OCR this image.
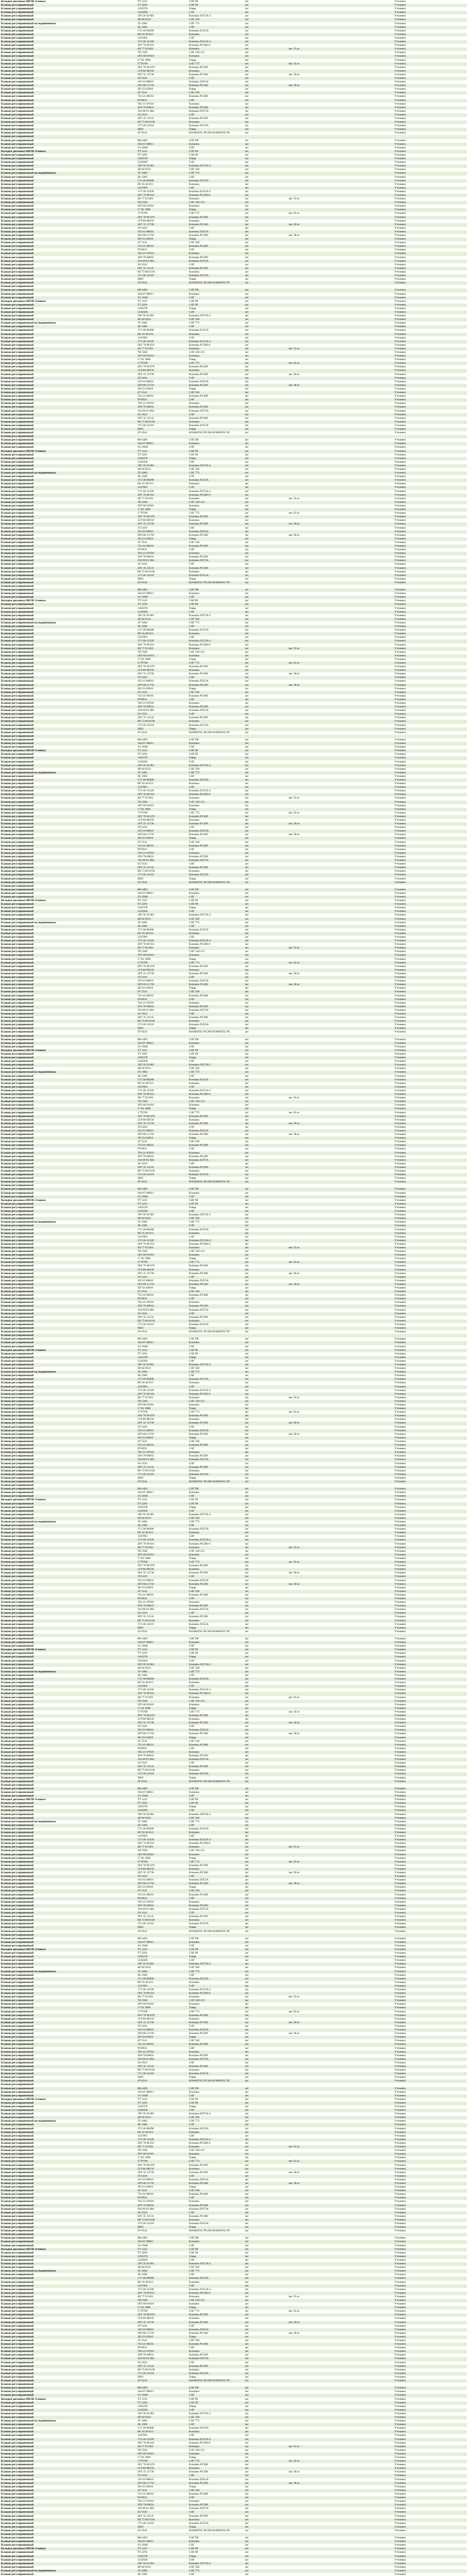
Колодки дисковых ВНЛЕ-4 новых	TT 1221	CAT 89	шт			Уточнять
Клапан регулировочный	TT 2291	CAT 89	шт			Уточнять
Клапан регулировочный	1183378	Товар	шт			Уточнять
Клапан регулировочный	1245826	CAT	шт			Уточнять
Клапан регулировочный	19F 50 50 001	Komatsu D375A-5	шт			Уточнять
Клапан регулировочный	4D 84 9521	CAT 320	шт			Уточнять
Клапан регулировочный на подшипниках	3Т-1002	CAT 773	шт			Уточнять
Клапан регулировочный	3E-3382	CAT	шт			Уточнять
Клапан регулировочный	175-30-00490	Komatsu D155A	шт			Уточнять
Клапан регулировочный	6D 18 40 013	Komatsu	шт			Уточнять
Клапан регулировочный	1247891	CAT	шт			Уточнять
Клапан регулировочный	175-30-12320	Komatsu D155A-2	шт			Уточнять
Клапан регулировочный	20Y 70 00 011	Komatsu PC200-6	шт			Уточнять
Клапан регулировочный	4D 77 03 001	Komatsu	шт	вес 35 кг		Уточнять
Клапан регулировочный	7Н 5582	CAT 120-121	шт			Уточнять
Клапан регулировочный	20Т-60 81010	Komatsu	шт			Уточнять
Клапан регулировочный	17 82 1800	Товар	шт			Уточнять
Клапан регулировочный	1779769	CAT 773	шт	вес 45 кг		Уточнять
Клапан регулировочный	20Y 70 00 070	Komatsu PC200	шт			Уточнять
Клапан регулировочный	21T-60-08150	Komatsu	шт			Уточнять
Клапан регулировочный	20Y 35 12730	Komatsu PC300	шт	вес 28 кг		Уточнять
Клапан регулировочный	3T-5410	CAT	шт			Уточнять
Клапан регулировочный	195 63 00810	Komatsu D355A	шт			Уточнять
Клапан регулировочный	20Y-60-11710	Komatsu PC200	шт	вес 38 кг		Уточнять
Клапан регулировочный	3D-55-03010	Товар	шт			Уточнять
Клапан регулировочный	4Т 5541	CAT 330	шт			Уточнять
Клапан регулировочный	723-41-08101	Komatsu PC400	шт			Уточнять
Клапан регулировочный	9T-0931	CAT	шт			Уточнять
Клапан регулировочный	702-21-07010	Komatsu	шт			Уточнять
Клапан регулировочный	20Y-70-00011	Komatsu PC200	шт			Уточнять
Клапан регулировочный	194 09 01 004	Komatsu D375A	шт			Уточнять
Клапан регулировочный	3G 0321	CAT	шт			Уточнять
Клапан регулировочный	20Y 35 12141	Komatsu PC300	шт			Уточнять
Клапан регулировочный	6D 73 00 0130	Komatsu	шт			Уточнять
Клапан регулировочный	175-30-12210	Komatsu D155A	шт			Уточнять
Клапан регулировочный	ХВЛ	Товар	шт			Уточнять
Клапан регулировочный	4Т-6541	KOMATSU PC200 KOMATSU PC	шт			Уточнять
Клапан регулировочный						
Клапан регулировочный	8Н-4491	CAT D8	шт			Уточнять
Клапан регулировочный	104-07-00011	Komatsu	шт			Уточнять
Клапан регулировочный	1U-2948	CAT	шт			Уточнять
Колодки дисковых ВНЛЕ-4 новых	TT 1221	CAT 89	шт			Уточнять
Клапан регулировочный	TT 2291	CAT 89	шт			Уточнять
Клапан регулировочный	1183378	Товар	шт			Уточнять
Клапан регулировочный	1245826	CAT	шт			Уточнять
Клапан регулировочный	19F 50 50 001	Komatsu D375A-5	шт			Уточнять
Клапан регулировочный	4D 84 9521	CAT 320	шт			Уточнять
Клапан регулировочный на подшипниках	3Т-1002	CAT 773	шт			Уточнять
Клапан регулировочный	3E-3382	CAT	шт			Уточнять
Клапан регулировочный	175-30-00490	Komatsu D155A	шт			Уточнять
Клапан регулировочный	6D 18 40 013	Komatsu	шт			Уточнять
Клапан регулировочный	1247891	CAT	шт			Уточнять
Клапан регулировочный	175-30-12320	Komatsu D155A-2	шт			Уточнять
Клапан регулировочный	20Y 70 00 011	Komatsu PC200-6	шт			Уточнять
Клапан регулировочный	4D 77 03 001	Komatsu	шт	вес 35 кг		Уточнять
Клапан регулировочный	7Н 5582	CAT 120-121	шт			Уточнять
Клапан регулировочный	20Т-60 81010	Komatsu	шт			Уточнять
Клапан регулировочный	17 82 1800	Товар	шт			Уточнять
Клапан регулировочный	1779769	CAT 773	шт	вес 45 кг		Уточнять
Клапан регулировочный	20Y 70 00 070	Komatsu PC200	шт			Уточнять
Клапан регулировочный	21T-60-08150	Komatsu	шт			Уточнять
Клапан регулировочный	20Y 35 12730	Komatsu PC300	шт	вес 28 кг		Уточнять
Клапан регулировочный	3T-5410	CAT	шт			Уточнять
Клапан регулировочный	195 63 00810	Komatsu D355A	шт			Уточнять
Клапан регулировочный	20Y-60-11710	Komatsu PC200	шт	вес 38 кг		Уточнять
Клапан регулировочный	3D-55-03010	Товар	шт			Уточнять
Клапан регулировочный	4Т 5541	CAT 330	шт			Уточнять
Клапан регулировочный	723-41-08101	Komatsu PC400	шт			Уточнять
Клапан регулировочный	9T-0931	CAT	шт			Уточнять
Клапан регулировочный	702-21-07010	Komatsu	шт			Уточнять
Клапан регулировочный	20Y-70-00011	Komatsu PC200	шт			Уточнять
Клапан регулировочный	194 09 01 004	Komatsu D375A	шт			Уточнять
Клапан регулировочный	3G 0321	CAT	шт			Уточнять
Клапан регулировочный	20Y 35 12141	Komatsu PC300	шт			Уточнять
Клапан регулировочный	6D 73 00 0130	Komatsu	шт			Уточнять
Клапан регулировочный	175-30-12210	Komatsu D155A	шт			Уточнять
Клапан регулировочный	ХВЛ	Товар	шт			Уточнять
Клапан регулировочный	4Т-6541	KOMATSU PC200 KOMATSU PC	шт			Уточнять
Клапан регулировочный						
Клапан регулировочный	8Н-4491	CAT D8	шт			Уточнять
Клапан регулировочный	104-07-00011	Komatsu	шт			Уточнять
Клапан регулировочный	1U-2948	CAT	шт			Уточнять
Колодки дисковых ВНЛЕ-4 новых	TT 1221	CAT 89	шт			Уточнять
Клапан регулировочный	TT 2291	CAT 89	шт			Уточнять
Клапан регулировочный	1183378	Товар	шт			Уточнять
Клапан регулировочный	1245826	CAT	шт			Уточнять
Клапан регулировочный	19F 50 50 001	Komatsu D375A-5	шт			Уточнять
Клапан регулировочный	4D 84 9521	CAT 320	шт			Уточнять
Клапан регулировочный на подшипниках	3Т-1002	CAT 773	шт			Уточнять
Клапан регулировочный	3E-3382	CAT	шт			Уточнять
Клапан регулировочный	175-30-00490	Komatsu D155A	шт			Уточнять
Клапан регулировочный	6D 18 40 013	Komatsu	шт			Уточнять
Клапан регулировочный	1247891	CAT	шт			Уточнять
Клапан регулировочный	175-30-12320	Komatsu D155A-2	шт			Уточнять
Клапан регулировочный	20Y 70 00 011	Komatsu PC200-6	шт			Уточнять
Клапан регулировочный	4D 77 03 001	Komatsu	шт	вес 35 кг		Уточнять
Клапан регулировочный	7Н 5582	CAT 120-121	шт			Уточнять
Клапан регулировочный	20Т-60 81010	Komatsu	шт			Уточнять
Клапан регулировочный	17 82 1800	Товар	шт			Уточнять
Клапан регулировочный	1779769	CAT 773	шт	вес 45 кг		Уточнять
Клапан регулировочный	20Y 70 00 070	Komatsu PC200	шт			Уточнять
Клапан регулировочный	21T-60-08150	Komatsu	шт			Уточнять
Клапан регулировочный	20Y 35 12730	Komatsu PC300	шт	вес 28 кг		Уточнять
Клапан регулировочный	3T-5410	CAT	шт			Уточнять
Клапан регулировочный	195 63 00810	Komatsu D355A	шт			Уточнять
Клапан регулировочный	20Y-60-11710	Komatsu PC200	шт	вес 38 кг		Уточнять
Клапан регулировочный	3D-55-03010	Товар	шт			Уточнять
Клапан регулировочный	4Т 5541	CAT 330	шт			Уточнять
Клапан регулировочный	723-41-08101	Komatsu PC400	шт			Уточнять
Клапан регулировочный	9T-0931	CAT	шт			Уточнять
Клапан регулировочный	702-21-07010	Komatsu	шт			Уточнять
Клапан регулировочный	20Y-70-00011	Komatsu PC200	шт			Уточнять
Клапан регулировочный	194 09 01 004	Komatsu D375A	шт			Уточнять
Клапан регулировочный	3G 0321	CAT	шт			Уточнять
Клапан регулировочный	20Y 35 12141	Komatsu PC300	шт			Уточнять
Клапан регулировочный	6D 73 00 0130	Komatsu	шт			Уточнять
Клапан регулировочный	175-30-12210	Komatsu D155A	шт			Уточнять
Клапан регулировочный	ХВЛ	Товар	шт			Уточнять
Клапан регулировочный	4Т-6541	KOMATSU PC200 KOMATSU PC	шт			Уточнять
Клапан регулировочный						
Клапан регулировочный	8Н-4491	CAT D8	шт			Уточнять
Клапан регулировочный	104-07-00011	Komatsu	шт			Уточнять
Клапан регулировочный	1U-2948	CAT	шт			Уточнять
Колодки дисковых ВНЛЕ-4 новых	TT 1221	CAT 89	шт			Уточнять
Клапан регулировочный	TT 2291	CAT 89	шт			Уточнять
Клапан регулировочный	1183378	Товар	шт			Уточнять
Клапан регулировочный	1245826	CAT	шт			Уточнять
Клапан регулировочный	19F 50 50 001	Komatsu D375A-5	шт			Уточнять
Клапан регулировочный	4D 84 9521	CAT 320	шт			Уточнять
Клапан регулировочный на подшипниках	3Т-1002	CAT 773	шт			Уточнять
Клапан регулировочный	3E-3382	CAT	шт			Уточнять
Клапан регулировочный	175-30-00490	Komatsu D155A	шт			Уточнять
Клапан регулировочный	6D 18 40 013	Komatsu	шт			Уточнять
Клапан регулировочный	1247891	CAT	шт			Уточнять
Клапан регулировочный	175-30-12320	Komatsu D155A-2	шт			Уточнять
Клапан регулировочный	20Y 70 00 011	Komatsu PC200-6	шт			Уточнять
Клапан регулировочный	4D 77 03 001	Komatsu	шт	вес 35 кг		Уточнять
Клапан регулировочный	7Н 5582	CAT 120-121	шт			Уточнять
Клапан регулировочный	20Т-60 81010	Komatsu	шт			Уточнять
Клапан регулировочный	17 82 1800	Товар	шт			Уточнять
Клапан регулировочный	1779769	CAT 773	шт	вес 45 кг		Уточнять
Клапан регулировочный	20Y 70 00 070	Komatsu PC200	шт			Уточнять
Клапан регулировочный	21T-60-08150	Komatsu	шт			Уточнять
Клапан регулировочный	20Y 35 12730	Komatsu PC300	шт	вес 28 кг		Уточнять
Клапан регулировочный	3T-5410	CAT	шт			Уточнять
Клапан регулировочный	195 63 00810	Komatsu D355A	шт			Уточнять
Клапан регулировочный	20Y-60-11710	Komatsu PC200	шт	вес 38 кг		Уточнять
Клапан регулировочный	3D-55-03010	Товар	шт			Уточнять
Клапан регулировочный	4Т 5541	CAT 330	шт			Уточнять
Клапан регулировочный	723-41-08101	Komatsu PC400	шт			Уточнять
Клапан регулировочный	9T-0931	CAT	шт			Уточнять
Клапан регулировочный	702-21-07010	Komatsu	шт			Уточнять
Клапан регулировочный	20Y-70-00011	Komatsu PC200	шт			Уточнять
Клапан регулировочный	194 09 01 004	Komatsu D375A	шт			Уточнять
Клапан регулировочный	3G 0321	CAT	шт			Уточнять
Клапан регулировочный	20Y 35 12141	Komatsu PC300	шт			Уточнять
Клапан регулировочный	6D 73 00 0130	Komatsu	шт			Уточнять
Клапан регулировочный	175-30-12210	Komatsu D155A	шт			Уточнять
Клапан регулировочный	ХВЛ	Товар	шт			Уточнять
Клапан регулировочный	4Т-6541	KOMATSU PC200 KOMATSU PC	шт			Уточнять
Клапан регулировочный						
Клапан регулировочный	8Н-4491	CAT D8	шт			Уточнять
Клапан регулировочный	104-07-00011	Komatsu	шт			Уточнять
Клапан регулировочный	1U-2948	CAT	шт			Уточнять
Колодки дисковых ВНЛЕ-4 новых	TT 1221	CAT 89	шт			Уточнять
Клапан регулировочный	TT 2291	CAT 89	шт			Уточнять
Клапан регулировочный	1183378	Товар	шт			Уточнять
Клапан регулировочный	1245826	CAT	шт			Уточнять
Клапан регулировочный	19F 50 50 001	Komatsu D375A-5	шт			Уточнять
Клапан регулировочный	4D 84 9521	CAT 320	шт			Уточнять
Клапан регулировочный на подшипниках	3Т-1002	CAT 773	шт			Уточнять
Клапан регулировочный	3E-3382	CAT	шт			Уточнять
Клапан регулировочный	175-30-00490	Komatsu D155A	шт			Уточнять
Клапан регулировочный	6D 18 40 013	Komatsu	шт			Уточнять
Клапан регулировочный	1247891	CAT	шт			Уточнять
Клапан регулировочный	175-30-12320	Komatsu D155A-2	шт			Уточнять
Клапан регулировочный	20Y 70 00 011	Komatsu PC200-6	шт			Уточнять
Клапан регулировочный	4D 77 03 001	Komatsu	шт	вес 35 кг		Уточнять
Клапан регулировочный	7Н 5582	CAT 120-121	шт			Уточнять
Клапан регулировочный	20Т-60 81010	Komatsu	шт			Уточнять
Клапан регулировочный	17 82 1800	Товар	шт			Уточнять
Клапан регулировочный	1779769	CAT 773	шт	вес 45 кг		Уточнять
Клапан регулировочный	20Y 70 00 070	Komatsu PC200	шт			Уточнять
Клапан регулировочный	21T-60-08150	Komatsu	шт			Уточнять
Клапан регулировочный	20Y 35 12730	Komatsu PC300	шт	вес 28 кг		Уточнять
Клапан регулировочный	3T-5410	CAT	шт			Уточнять
Клапан регулировочный	195 63 00810	Komatsu D355A	шт			Уточнять
Клапан регулировочный	20Y-60-11710	Komatsu PC200	шт	вес 38 кг		Уточнять
Клапан регулировочный	3D-55-03010	Товар	шт			Уточнять
Клапан регулировочный	4Т 5541	CAT 330	шт			Уточнять
Клапан регулировочный	723-41-08101	Komatsu PC400	шт			Уточнять
Клапан регулировочный	9T-0931	CAT	шт			Уточнять
Клапан регулировочный	702-21-07010	Komatsu	шт			Уточнять
Клапан регулировочный	20Y-70-00011	Komatsu PC200	шт			Уточнять
Клапан регулировочный	194 09 01 004	Komatsu D375A	шт			Уточнять
Клапан регулировочный	3G 0321	CAT	шт			Уточнять
Клапан регулировочный	20Y 35 12141	Komatsu PC300	шт			Уточнять
Клапан регулировочный	6D 73 00 0130	Komatsu	шт			Уточнять
Клапан регулировочный	175-30-12210	Komatsu D155A	шт			Уточнять
Клапан регулировочный	ХВЛ	Товар	шт			Уточнять
Клапан регулировочный	4Т-6541	KOMATSU PC200 KOMATSU PC	шт			Уточнять
Клапан регулировочный						
Клапан регулировочный	8Н-4491	CAT D8	шт			Уточнять
Клапан регулировочный	104-07-00011	Komatsu	шт			Уточнять
Клапан регулировочный	1U-2948	CAT	шт			Уточнять
Колодки дисковых ВНЛЕ-4 новых	TT 1221	CAT 89	шт			Уточнять
Клапан регулировочный	TT 2291	CAT 89	шт			Уточнять
Клапан регулировочный	1183378	Товар	шт			Уточнять
Клапан регулировочный	1245826	CAT	шт			Уточнять
Клапан регулировочный	19F 50 50 001	Komatsu D375A-5	шт			Уточнять
Клапан регулировочный	4D 84 9521	CAT 320	шт			Уточнять
Клапан регулировочный на подшипниках	3Т-1002	CAT 773	шт			Уточнять
Клапан регулировочный	3E-3382	CAT	шт			Уточнять
Клапан регулировочный	175-30-00490	Komatsu D155A	шт			Уточнять
Клапан регулировочный	6D 18 40 013	Komatsu	шт			Уточнять
Клапан регулировочный	1247891	CAT	шт			Уточнять
Клапан регулировочный	175-30-12320	Komatsu D155A-2	шт			Уточнять
Клапан регулировочный	20Y 70 00 011	Komatsu PC200-6	шт			Уточнять
Клапан регулировочный	4D 77 03 001	Komatsu	шт	вес 35 кг		Уточнять
Клапан регулировочный	7Н 5582	CAT 120-121	шт			Уточнять
Клапан регулировочный	20Т-60 81010	Komatsu	шт			Уточнять
Клапан регулировочный	17 82 1800	Товар	шт			Уточнять
Клапан регулировочный	1779769	CAT 773	шт	вес 45 кг		Уточнять
Клапан регулировочный	20Y 70 00 070	Komatsu PC200	шт			Уточнять
Клапан регулировочный	21T-60-08150	Komatsu	шт			Уточнять
Клапан регулировочный	20Y 35 12730	Komatsu PC300	шт	вес 28 кг		Уточнять
Клапан регулировочный	3T-5410	CAT	шт			Уточнять
Клапан регулировочный	195 63 00810	Komatsu D355A	шт			Уточнять
Клапан регулировочный	20Y-60-11710	Komatsu PC200	шт	вес 38 кг		Уточнять
Клапан регулировочный	3D-55-03010	Товар	шт			Уточнять
Клапан регулировочный	4Т 5541	CAT 330	шт			Уточнять
Клапан регулировочный	723-41-08101	Komatsu PC400	шт			Уточнять
Клапан регулировочный	9T-0931	CAT	шт			Уточнять
Клапан регулировочный	702-21-07010	Komatsu	шт			Уточнять
Клапан регулировочный	20Y-70-00011	Komatsu PC200	шт			Уточнять
Клапан регулировочный	194 09 01 004	Komatsu D375A	шт			Уточнять
Клапан регулировочный	3G 0321	CAT	шт			Уточнять
Клапан регулировочный	20Y 35 12141	Komatsu PC300	шт			Уточнять
Клапан регулировочный	6D 73 00 0130	Komatsu	шт			Уточнять
Клапан регулировочный	175-30-12210	Komatsu D155A	шт			Уточнять
Клапан регулировочный	ХВЛ	Товар	шт			Уточнять
Клапан регулировочный	4Т-6541	KOMATSU PC200 KOMATSU PC	шт			Уточнять
Клапан регулировочный						
Клапан регулировочный	8Н-4491	CAT D8	шт			Уточнять
Клапан регулировочный	104-07-00011	Komatsu	шт			Уточнять
Клапан регулировочный	1U-2948	CAT	шт			Уточнять
Колодки дисковых ВНЛЕ-4 новых	TT 1221	CAT 89	шт			Уточнять
Клапан регулировочный	TT 2291	CAT 89	шт			Уточнять
Клапан регулировочный	1183378	Товар	шт			Уточнять
Клапан регулировочный	1245826	CAT	шт			Уточнять
Клапан регулировочный	19F 50 50 001	Komatsu D375A-5	шт			Уточнять
Клапан регулировочный	4D 84 9521	CAT 320	шт			Уточнять
Клапан регулировочный на подшипниках	3Т-1002	CAT 773	шт			Уточнять
Клапан регулировочный	3E-3382	CAT	шт			Уточнять
Клапан регулировочный	175-30-00490	Komatsu D155A	шт			Уточнять
Клапан регулировочный	6D 18 40 013	Komatsu	шт			Уточнять
Клапан регулировочный	1247891	CAT	шт			Уточнять
Клапан регулировочный	175-30-12320	Komatsu D155A-2	шт			Уточнять
Клапан регулировочный	20Y 70 00 011	Komatsu PC200-6	шт			Уточнять
Клапан регулировочный	4D 77 03 001	Komatsu	шт	вес 35 кг		Уточнять
Клапан регулировочный	7Н 5582	CAT 120-121	шт			Уточнять
Клапан регулировочный	20Т-60 81010	Komatsu	шт			Уточнять
Клапан регулировочный	17 82 1800	Товар	шт			Уточнять
Клапан регулировочный	1779769	CAT 773	шт	вес 45 кг		Уточнять
Клапан регулировочный	20Y 70 00 070	Komatsu PC200	шт			Уточнять
Клапан регулировочный	21T-60-08150	Komatsu	шт			Уточнять
Клапан регулировочный	20Y 35 12730	Komatsu PC300	шт	вес 28 кг		Уточнять
Клапан регулировочный	3T-5410	CAT	шт			Уточнять
Клапан регулировочный	195 63 00810	Komatsu D355A	шт			Уточнять
Клапан регулировочный	20Y-60-11710	Komatsu PC200	шт	вес 38 кг		Уточнять
Клапан регулировочный	3D-55-03010	Товар	шт			Уточнять
Клапан регулировочный	4Т 5541	CAT 330	шт			Уточнять
Клапан регулировочный	723-41-08101	Komatsu PC400	шт			Уточнять
Клапан регулировочный	9T-0931	CAT	шт			Уточнять
Клапан регулировочный	702-21-07010	Komatsu	шт			Уточнять
Клапан регулировочный	20Y-70-00011	Komatsu PC200	шт			Уточнять
Клапан регулировочный	194 09 01 004	Komatsu D375A	шт			Уточнять
Клапан регулировочный	3G 0321	CAT	шт			Уточнять
Клапан регулировочный	20Y 35 12141	Komatsu PC300	шт			Уточнять
Клапан регулировочный	6D 73 00 0130	Komatsu	шт			Уточнять
Клапан регулировочный	175-30-12210	Komatsu D155A	шт			Уточнять
Клапан регулировочный	ХВЛ	Товар	шт			Уточнять
Клапан регулировочный	4Т-6541	KOMATSU PC200 KOMATSU PC	шт			Уточнять
Клапан регулировочный						
Клапан регулировочный	8Н-4491	CAT D8	шт			Уточнять
Клапан регулировочный	104-07-00011	Komatsu	шт			Уточнять
Клапан регулировочный	1U-2948	CAT	шт			Уточнять
Колодки дисковых ВНЛЕ-4 новых	TT 1221	CAT 89	шт			Уточнять
Клапан регулировочный	TT 2291	CAT 89	шт			Уточнять
Клапан регулировочный	1183378	Товар	шт			Уточнять
Клапан регулировочный	1245826	CAT	шт			Уточнять
Клапан регулировочный	19F 50 50 001	Komatsu D375A-5	шт			Уточнять
Клапан регулировочный	4D 84 9521	CAT 320	шт			Уточнять
Клапан регулировочный на подшипниках	3Т-1002	CAT 773	шт			Уточнять
Клапан регулировочный	3E-3382	CAT	шт			Уточнять
Клапан регулировочный	175-30-00490	Komatsu D155A	шт			Уточнять
Клапан регулировочный	6D 18 40 013	Komatsu	шт			Уточнять
Клапан регулировочный	1247891	CAT	шт			Уточнять
Клапан регулировочный	175-30-12320	Komatsu D155A-2	шт			Уточнять
Клапан регулировочный	20Y 70 00 011	Komatsu PC200-6	шт			Уточнять
Клапан регулировочный	4D 77 03 001	Komatsu	шт	вес 35 кг		Уточнять
Клапан регулировочный	7Н 5582	CAT 120-121	шт			Уточнять
Клапан регулировочный	20Т-60 81010	Komatsu	шт			Уточнять
Клапан регулировочный	17 82 1800	Товар	шт			Уточнять
Клапан регулировочный	1779769	CAT 773	шт	вес 45 кг		Уточнять
Клапан регулировочный	20Y 70 00 070	Komatsu PC200	шт			Уточнять
Клапан регулировочный	21T-60-08150	Komatsu	шт			Уточнять
Клапан регулировочный	20Y 35 12730	Komatsu PC300	шт	вес 28 кг		Уточнять
Клапан регулировочный	3T-5410	CAT	шт			Уточнять
Клапан регулировочный	195 63 00810	Komatsu D355A	шт			Уточнять
Клапан регулировочный	20Y-60-11710	Komatsu PC200	шт	вес 38 кг		Уточнять
Клапан регулировочный	3D-55-03010	Товар	шт			Уточнять
Клапан регулировочный	4Т 5541	CAT 330	шт			Уточнять
Клапан регулировочный	723-41-08101	Komatsu PC400	шт			Уточнять
Клапан регулировочный	9T-0931	CAT	шт			Уточнять
Клапан регулировочный	702-21-07010	Komatsu	шт			Уточнять
Клапан регулировочный	20Y-70-00011	Komatsu PC200	шт			Уточнять
Клапан регулировочный	194 09 01 004	Komatsu D375A	шт			Уточнять
Клапан регулировочный	3G 0321	CAT	шт			Уточнять
Клапан регулировочный	20Y 35 12141	Komatsu PC300	шт			Уточнять
Клапан регулировочный	6D 73 00 0130	Komatsu	шт			Уточнять
Клапан регулировочный	175-30-12210	Komatsu D155A	шт			Уточнять
Клапан регулировочный	ХВЛ	Товар	шт			Уточнять
Клапан регулировочный	4Т-6541	KOMATSU PC200 KOMATSU PC	шт			Уточнять
Клапан регулировочный						
Клапан регулировочный	8Н-4491	CAT D8	шт			Уточнять
Клапан регулировочный	104-07-00011	Komatsu	шт			Уточнять
Клапан регулировочный	1U-2948	CAT	шт			Уточнять
Колодки дисковых ВНЛЕ-4 новых	TT 1221	CAT 89	шт			Уточнять
Клапан регулировочный	TT 2291	CAT 89	шт			Уточнять
Клапан регулировочный	1183378	Товар	шт			Уточнять
Клапан регулировочный	1245826	CAT	шт			Уточнять
Клапан регулировочный	19F 50 50 001	Komatsu D375A-5	шт			Уточнять
Клапан регулировочный	4D 84 9521	CAT 320	шт			Уточнять
Клапан регулировочный на подшипниках	3Т-1002	CAT 773	шт			Уточнять
Клапан регулировочный	3E-3382	CAT	шт			Уточнять
Клапан регулировочный	175-30-00490	Komatsu D155A	шт			Уточнять
Клапан регулировочный	6D 18 40 013	Komatsu	шт			Уточнять
Клапан регулировочный	1247891	CAT	шт			Уточнять
Клапан регулировочный	175-30-12320	Komatsu D155A-2	шт			Уточнять
Клапан регулировочный	20Y 70 00 011	Komatsu PC200-6	шт			Уточнять
Клапан регулировочный	4D 77 03 001	Komatsu	шт	вес 35 кг		Уточнять
Клапан регулировочный	7Н 5582	CAT 120-121	шт			Уточнять
Клапан регулировочный	20Т-60 81010	Komatsu	шт			Уточнять
Клапан регулировочный	17 82 1800	Товар	шт			Уточнять
Клапан регулировочный	1779769	CAT 773	шт	вес 45 кг		Уточнять
Клапан регулировочный	20Y 70 00 070	Komatsu PC200	шт			Уточнять
Клапан регулировочный	21T-60-08150	Komatsu	шт			Уточнять
Клапан регулировочный	20Y 35 12730	Komatsu PC300	шт	вес 28 кг		Уточнять
Клапан регулировочный	3T-5410	CAT	шт			Уточнять
Клапан регулировочный	195 63 00810	Komatsu D355A	шт			Уточнять
Клапан регулировочный	20Y-60-11710	Komatsu PC200	шт	вес 38 кг		Уточнять
Клапан регулировочный	3D-55-03010	Товар	шт			Уточнять
Клапан регулировочный	4Т 5541	CAT 330	шт			Уточнять
Клапан регулировочный	723-41-08101	Komatsu PC400	шт			Уточнять
Клапан регулировочный	9T-0931	CAT	шт			Уточнять
Клапан регулировочный	702-21-07010	Komatsu	шт			Уточнять
Клапан регулировочный	20Y-70-00011	Komatsu PC200	шт			Уточнять
Клапан регулировочный	194 09 01 004	Komatsu D375A	шт			Уточнять
Клапан регулировочный	3G 0321	CAT	шт			Уточнять
Клапан регулировочный	20Y 35 12141	Komatsu PC300	шт			Уточнять
Клапан регулировочный	6D 73 00 0130	Komatsu	шт			Уточнять
Клапан регулировочный	175-30-12210	Komatsu D155A	шт			Уточнять
Клапан регулировочный	ХВЛ	Товар	шт			Уточнять
Клапан регулировочный	4Т-6541	KOMATSU PC200 KOMATSU PC	шт			Уточнять
Клапан регулировочный						
Клапан регулировочный	8Н-4491	CAT D8	шт			Уточнять
Клапан регулировочный	104-07-00011	Komatsu	шт			Уточнять
Клапан регулировочный	1U-2948	CAT	шт			Уточнять
Колодки дисковых ВНЛЕ-4 новых	TT 1221	CAT 89	шт			Уточнять
Клапан регулировочный	TT 2291	CAT 89	шт			Уточнять
Клапан регулировочный	1183378	Товар	шт			Уточнять
Клапан регулировочный	1245826	CAT	шт			Уточнять
Клапан регулировочный	19F 50 50 001	Komatsu D375A-5	шт			Уточнять
Клапан регулировочный	4D 84 9521	CAT 320	шт			Уточнять
Клапан регулировочный на подшипниках	3Т-1002	CAT 773	шт			Уточнять
Клапан регулировочный	3E-3382	CAT	шт			Уточнять
Клапан регулировочный	175-30-00490	Komatsu D155A	шт			Уточнять
Клапан регулировочный	6D 18 40 013	Komatsu	шт			Уточнять
Клапан регулировочный	1247891	CAT	шт			Уточнять
Клапан регулировочный	175-30-12320	Komatsu D155A-2	шт			Уточнять
Клапан регулировочный	20Y 70 00 011	Komatsu PC200-6	шт			Уточнять
Клапан регулировочный	4D 77 03 001	Komatsu	шт	вес 35 кг		Уточнять
Клапан регулировочный	7Н 5582	CAT 120-121	шт			Уточнять
Клапан регулировочный	20Т-60 81010	Komatsu	шт			Уточнять
Клапан регулировочный	17 82 1800	Товар	шт			Уточнять
Клапан регулировочный	1779769	CAT 773	шт	вес 45 кг		Уточнять
Клапан регулировочный	20Y 70 00 070	Komatsu PC200	шт			Уточнять
Клапан регулировочный	21T-60-08150	Komatsu	шт			Уточнять
Клапан регулировочный	20Y 35 12730	Komatsu PC300	шт	вес 28 кг		Уточнять
Клапан регулировочный	3T-5410	CAT	шт			Уточнять
Клапан регулировочный	195 63 00810	Komatsu D355A	шт			Уточнять
Клапан регулировочный	20Y-60-11710	Komatsu PC200	шт	вес 38 кг		Уточнять
Клапан регулировочный	3D-55-03010	Товар	шт			Уточнять
Клапан регулировочный	4Т 5541	CAT 330	шт			Уточнять
Клапан регулировочный	723-41-08101	Komatsu PC400	шт			Уточнять
Клапан регулировочный	9T-0931	CAT	шт			Уточнять
Клапан регулировочный	702-21-07010	Komatsu	шт			Уточнять
Клапан регулировочный	20Y-70-00011	Komatsu PC200	шт			Уточнять
Клапан регулировочный	194 09 01 004	Komatsu D375A	шт			Уточнять
Клапан регулировочный	3G 0321	CAT	шт			Уточнять
Клапан регулировочный	20Y 35 12141	Komatsu PC300	шт			Уточнять
Клапан регулировочный	6D 73 00 0130	Komatsu	шт			Уточнять
Клапан регулировочный	175-30-12210	Komatsu D155A	шт			Уточнять
Клапан регулировочный	ХВЛ	Товар	шт			Уточнять
Клапан регулировочный	4Т-6541	KOMATSU PC200 KOMATSU PC	шт			Уточнять
Клапан регулировочный						
Клапан регулировочный	8Н-4491	CAT D8	шт			Уточнять
Клапан регулировочный	104-07-00011	Komatsu	шт			Уточнять
Клапан регулировочный	1U-2948	CAT	шт			Уточнять
Колодки дисковых ВНЛЕ-4 новых	TT 1221	CAT 89	шт			Уточнять
Клапан регулировочный	TT 2291	CAT 89	шт			Уточнять
Клапан регулировочный	1183378	Товар	шт			Уточнять
Клапан регулировочный	1245826	CAT	шт			Уточнять
Клапан регулировочный	19F 50 50 001	Komatsu D375A-5	шт			Уточнять
Клапан регулировочный	4D 84 9521	CAT 320	шт			Уточнять
Клапан регулировочный на подшипниках	3Т-1002	CAT 773	шт			Уточнять
Клапан регулировочный	3E-3382	CAT	шт			Уточнять
Клапан регулировочный	175-30-00490	Komatsu D155A	шт			Уточнять
Клапан регулировочный	6D 18 40 013	Komatsu	шт			Уточнять
Клапан регулировочный	1247891	CAT	шт			Уточнять
Клапан регулировочный	175-30-12320	Komatsu D155A-2	шт			Уточнять
Клапан регулировочный	20Y 70 00 011	Komatsu PC200-6	шт			Уточнять
Клапан регулировочный	4D 77 03 001	Komatsu	шт	вес 35 кг		Уточнять
Клапан регулировочный	7Н 5582	CAT 120-121	шт			Уточнять
Клапан регулировочный	20Т-60 81010	Komatsu	шт			Уточнять
Клапан регулировочный	17 82 1800	Товар	шт			Уточнять
Клапан регулировочный	1779769	CAT 773	шт	вес 45 кг		Уточнять
Клапан регулировочный	20Y 70 00 070	Komatsu PC200	шт			Уточнять
Клапан регулировочный	21T-60-08150	Komatsu	шт			Уточнять
Клапан регулировочный	20Y 35 12730	Komatsu PC300	шт	вес 28 кг		Уточнять
Клапан регулировочный	3T-5410	CAT	шт			Уточнять
Клапан регулировочный	195 63 00810	Komatsu D355A	шт			Уточнять
Клапан регулировочный	20Y-60-11710	Komatsu PC200	шт	вес 38 кг		Уточнять
Клапан регулировочный	3D-55-03010	Товар	шт			Уточнять
Клапан регулировочный	4Т 5541	CAT 330	шт			Уточнять
Клапан регулировочный	723-41-08101	Komatsu PC400	шт			Уточнять
Клапан регулировочный	9T-0931	CAT	шт			Уточнять
Клапан регулировочный	702-21-07010	Komatsu	шт			Уточнять
Клапан регулировочный	20Y-70-00011	Komatsu PC200	шт			Уточнять
Клапан регулировочный	194 09 01 004	Komatsu D375A	шт			Уточнять
Клапан регулировочный	3G 0321	CAT	шт			Уточнять
Клапан регулировочный	20Y 35 12141	Komatsu PC300	шт			Уточнять
Клапан регулировочный	6D 73 00 0130	Komatsu	шт			Уточнять
Клапан регулировочный	175-30-12210	Komatsu D155A	шт			Уточнять
Клапан регулировочный	ХВЛ	Товар	шт			Уточнять
Клапан регулировочный	4Т-6541	KOMATSU PC200 KOMATSU PC	шт			Уточнять
Клапан регулировочный						
Клапан регулировочный	8Н-4491	CAT D8	шт			Уточнять
Клапан регулировочный	104-07-00011	Komatsu	шт			Уточнять
Клапан регулировочный	1U-2948	CAT	шт			Уточнять
Колодки дисковых ВНЛЕ-4 новых	TT 1221	CAT 89	шт			Уточнять
Клапан регулировочный	TT 2291	CAT 89	шт			Уточнять
Клапан регулировочный	1183378	Товар	шт			Уточнять
Клапан регулировочный	1245826	CAT	шт			Уточнять
Клапан регулировочный	19F 50 50 001	Komatsu D375A-5	шт			Уточнять
Клапан регулировочный	4D 84 9521	CAT 320	шт			Уточнять
Клапан регулировочный на подшипниках	3Т-1002	CAT 773	шт			Уточнять
Клапан регулировочный	3E-3382	CAT	шт			Уточнять
Клапан регулировочный	175-30-00490	Komatsu D155A	шт			Уточнять
Клапан регулировочный	6D 18 40 013	Komatsu	шт			Уточнять
Клапан регулировочный	1247891	CAT	шт			Уточнять
Клапан регулировочный	175-30-12320	Komatsu D155A-2	шт			Уточнять
Клапан регулировочный	20Y 70 00 011	Komatsu PC200-6	шт			Уточнять
Клапан регулировочный	4D 77 03 001	Komatsu	шт	вес 35 кг		Уточнять
Клапан регулировочный	7Н 5582	CAT 120-121	шт			Уточнять
Клапан регулировочный	20Т-60 81010	Komatsu	шт			Уточнять
Клапан регулировочный	17 82 1800	Товар	шт			Уточнять
Клапан регулировочный	1779769	CAT 773	шт	вес 45 кг		Уточнять
Клапан регулировочный	20Y 70 00 070	Komatsu PC200	шт			Уточнять
Клапан регулировочный	21T-60-08150	Komatsu	шт			Уточнять
Клапан регулировочный	20Y 35 12730	Komatsu PC300	шт	вес 28 кг		Уточнять
Клапан регулировочный	3T-5410	CAT	шт			Уточнять
Клапан регулировочный	195 63 00810	Komatsu D355A	шт			Уточнять
Клапан регулировочный	20Y-60-11710	Komatsu PC200	шт	вес 38 кг		Уточнять
Клапан регулировочный	3D-55-03010	Товар	шт			Уточнять
Клапан регулировочный	4Т 5541	CAT 330	шт			Уточнять
Клапан регулировочный	723-41-08101	Komatsu PC400	шт			Уточнять
Клапан регулировочный	9T-0931	CAT	шт			Уточнять
Клапан регулировочный	702-21-07010	Komatsu	шт			Уточнять
Клапан регулировочный	20Y-70-00011	Komatsu PC200	шт			Уточнять
Клапан регулировочный	194 09 01 004	Komatsu D375A	шт			Уточнять
Клапан регулировочный	3G 0321	CAT	шт			Уточнять
Клапан регулировочный	20Y 35 12141	Komatsu PC300	шт			Уточнять
Клапан регулировочный	6D 73 00 0130	Komatsu	шт			Уточнять
Клапан регулировочный	175-30-12210	Komatsu D155A	шт			Уточнять
Клапан регулировочный	ХВЛ	Товар	шт			Уточнять
Клапан регулировочный	4Т-6541	KOMATSU PC200 KOMATSU PC	шт			Уточнять
Клапан регулировочный						
Клапан регулировочный	8Н-4491	CAT D8	шт			Уточнять
Клапан регулировочный	104-07-00011	Komatsu	шт			Уточнять
Клапан регулировочный	1U-2948	CAT	шт			Уточнять
Колодки дисковых ВНЛЕ-4 новых	TT 1221	CAT 89	шт			Уточнять
Клапан регулировочный	TT 2291	CAT 89	шт			Уточнять
Клапан регулировочный	1183378	Товар	шт			Уточнять
Клапан регулировочный	1245826	CAT	шт			Уточнять
Клапан регулировочный	19F 50 50 001	Komatsu D375A-5	шт			Уточнять
Клапан регулировочный	4D 84 9521	CAT 320	шт			Уточнять
Клапан регулировочный на подшипниках	3Т-1002	CAT 773	шт			Уточнять
Клапан регулировочный	3E-3382	CAT	шт			Уточнять
Клапан регулировочный	175-30-00490	Komatsu D155A	шт			Уточнять
Клапан регулировочный	6D 18 40 013	Komatsu	шт			Уточнять
Клапан регулировочный	1247891	CAT	шт			Уточнять
Клапан регулировочный	175-30-12320	Komatsu D155A-2	шт			Уточнять
Клапан регулировочный	20Y 70 00 011	Komatsu PC200-6	шт			Уточнять
Клапан регулировочный	4D 77 03 001	Komatsu	шт	вес 35 кг		Уточнять
Клапан регулировочный	7Н 5582	CAT 120-121	шт			Уточнять
Клапан регулировочный	20Т-60 81010	Komatsu	шт			Уточнять
Клапан регулировочный	17 82 1800	Товар	шт			Уточнять
Клапан регулировочный	1779769	CAT 773	шт	вес 45 кг		Уточнять
Клапан регулировочный	20Y 70 00 070	Komatsu PC200	шт			Уточнять
Клапан регулировочный	21T-60-08150	Komatsu	шт			Уточнять
Клапан регулировочный	20Y 35 12730	Komatsu PC300	шт	вес 28 кг		Уточнять
Клапан регулировочный	3T-5410	CAT	шт			Уточнять
Клапан регулировочный	195 63 00810	Komatsu D355A	шт			Уточнять
Клапан регулировочный	20Y-60-11710	Komatsu PC200	шт	вес 38 кг		Уточнять
Клапан регулировочный	3D-55-03010	Товар	шт			Уточнять
Клапан регулировочный	4Т 5541	CAT 330	шт			Уточнять
Клапан регулировочный	723-41-08101	Komatsu PC400	шт			Уточнять
Клапан регулировочный	9T-0931	CAT	шт			Уточнять
Клапан регулировочный	702-21-07010	Komatsu	шт			Уточнять
Клапан регулировочный	20Y-70-00011	Komatsu PC200	шт			Уточнять
Клапан регулировочный	194 09 01 004	Komatsu D375A	шт			Уточнять
Клапан регулировочный	3G 0321	CAT	шт			Уточнять
Клапан регулировочный	20Y 35 12141	Komatsu PC300	шт			Уточнять
Клапан регулировочный	6D 73 00 0130	Komatsu	шт			Уточнять
Клапан регулировочный	175-30-12210	Komatsu D155A	шт			Уточнять
Клапан регулировочный	ХВЛ	Товар	шт			Уточнять
Клапан регулировочный	4Т-6541	KOMATSU PC200 KOMATSU PC	шт			Уточнять
Клапан регулировочный						
Клапан регулировочный	8Н-4491	CAT D8	шт			Уточнять
Клапан регулировочный	104-07-00011	Komatsu	шт			Уточнять
Клапан регулировочный	1U-2948	CAT	шт			Уточнять
Колодки дисковых ВНЛЕ-4 новых	TT 1221	CAT 89	шт			Уточнять
Клапан регулировочный	TT 2291	CAT 89	шт			Уточнять
Клапан регулировочный	1183378	Товар	шт			Уточнять
Клапан регулировочный	1245826	CAT	шт			Уточнять
Клапан регулировочный	19F 50 50 001	Komatsu D375A-5	шт			Уточнять
Клапан регулировочный	4D 84 9521	CAT 320	шт			Уточнять
Клапан регулировочный на подшипниках	3Т-1002	CAT 773	шт			Уточнять
Клапан регулировочный	3E-3382	CAT	шт			Уточнять
Клапан регулировочный	175-30-00490	Komatsu D155A	шт			Уточнять
Клапан регулировочный	6D 18 40 013	Komatsu	шт			Уточнять
Клапан регулировочный	1247891	CAT	шт			Уточнять
Клапан регулировочный	175-30-12320	Komatsu D155A-2	шт			Уточнять
Клапан регулировочный	20Y 70 00 011	Komatsu PC200-6	шт			Уточнять
Клапан регулировочный	4D 77 03 001	Komatsu	шт	вес 35 кг		Уточнять
Клапан регулировочный	7Н 5582	CAT 120-121	шт			Уточнять
Клапан регулировочный	20Т-60 81010	Komatsu	шт			Уточнять
Клапан регулировочный	17 82 1800	Товар	шт			Уточнять
Клапан регулировочный	1779769	CAT 773	шт	вес 45 кг		Уточнять
Клапан регулировочный	20Y 70 00 070	Komatsu PC200	шт			Уточнять
Клапан регулировочный	21T-60-08150	Komatsu	шт			Уточнять
Клапан регулировочный	20Y 35 12730	Komatsu PC300	шт	вес 28 кг		Уточнять
Клапан регулировочный	3T-5410	CAT	шт			Уточнять
Клапан регулировочный	195 63 00810	Komatsu D355A	шт			Уточнять
Клапан регулировочный	20Y-60-11710	Komatsu PC200	шт	вес 38 кг		Уточнять
Клапан регулировочный	3D-55-03010	Товар	шт			Уточнять
Клапан регулировочный	4Т 5541	CAT 330	шт			Уточнять
Клапан регулировочный	723-41-08101	Komatsu PC400	шт			Уточнять
Клапан регулировочный	9T-0931	CAT	шт			Уточнять
Клапан регулировочный	702-21-07010	Komatsu	шт			Уточнять
Клапан регулировочный	20Y-70-00011	Komatsu PC200	шт			Уточнять
Клапан регулировочный	194 09 01 004	Komatsu D375A	шт			Уточнять
Клапан регулировочный	3G 0321	CAT	шт			Уточнять
Клапан регулировочный	20Y 35 12141	Komatsu PC300	шт			Уточнять
Клапан регулировочный	6D 73 00 0130	Komatsu	шт			Уточнять
Клапан регулировочный	175-30-12210	Komatsu D155A	шт			Уточнять
Клапан регулировочный	ХВЛ	Товар	шт			Уточнять
Клапан регулировочный	4Т-6541	KOMATSU PC200 KOMATSU PC	шт			Уточнять
Клапан регулировочный						
Клапан регулировочный	8Н-4491	CAT D8	шт			Уточнять
Клапан регулировочный	104-07-00011	Komatsu	шт			Уточнять
Клапан регулировочный	1U-2948	CAT	шт			Уточнять
Колодки дисковых ВНЛЕ-4 новых	TT 1221	CAT 89	шт			Уточнять
Клапан регулировочный	TT 2291	CAT 89	шт			Уточнять
Клапан регулировочный	1183378	Товар	шт			Уточнять
Клапан регулировочный	1245826	CAT	шт			Уточнять
Клапан регулировочный	19F 50 50 001	Komatsu D375A-5	шт			Уточнять
Клапан регулировочный	4D 84 9521	CAT 320	шт			Уточнять
Клапан регулировочный на подшипниках	3Т-1002	CAT 773	шт			Уточнять
Клапан регулировочный	3E-3382	CAT	шт			Уточнять
Клапан регулировочный	175-30-00490	Komatsu D155A	шт			Уточнять
Клапан регулировочный	6D 18 40 013	Komatsu	шт			Уточнять
Клапан регулировочный	1247891	CAT	шт			Уточнять
Клапан регулировочный	175-30-12320	Komatsu D155A-2	шт			Уточнять
Клапан регулировочный	20Y 70 00 011	Komatsu PC200-6	шт			Уточнять
Клапан регулировочный	4D 77 03 001	Komatsu	шт	вес 35 кг		Уточнять
Клапан регулировочный	7Н 5582	CAT 120-121	шт			Уточнять
Клапан регулировочный	20Т-60 81010	Komatsu	шт			Уточнять
Клапан регулировочный	17 82 1800	Товар	шт			Уточнять
Клапан регулировочный	1779769	CAT 773	шт	вес 45 кг		Уточнять
Клапан регулировочный	20Y 70 00 070	Komatsu PC200	шт			Уточнять
Клапан регулировочный	21T-60-08150	Komatsu	шт			Уточнять
Клапан регулировочный	20Y 35 12730	Komatsu PC300	шт	вес 28 кг		Уточнять
Клапан регулировочный	3T-5410	CAT	шт			Уточнять
Клапан регулировочный	195 63 00810	Komatsu D355A	шт			Уточнять
Клапан регулировочный	20Y-60-11710	Komatsu PC200	шт	вес 38 кг		Уточнять
Клапан регулировочный	3D-55-03010	Товар	шт			Уточнять
Клапан регулировочный	4Т 5541	CAT 330	шт			Уточнять
Клапан регулировочный	723-41-08101	Komatsu PC400	шт			Уточнять
Клапан регулировочный	9T-0931	CAT	шт			Уточнять
Клапан регулировочный	702-21-07010	Komatsu	шт			Уточнять
Клапан регулировочный	20Y-70-00011	Komatsu PC200	шт			Уточнять
Клапан регулировочный	194 09 01 004	Komatsu D375A	шт			Уточнять
Клапан регулировочный	3G 0321	CAT	шт			Уточнять
Клапан регулировочный	20Y 35 12141	Komatsu PC300	шт			Уточнять
Клапан регулировочный	6D 73 00 0130	Komatsu	шт			Уточнять
Клапан регулировочный	175-30-12210	Komatsu D155A	шт			Уточнять
Клапан регулировочный	ХВЛ	Товар	шт			Уточнять
Клапан регулировочный	4Т-6541	KOMATSU PC200 KOMATSU PC	шт			Уточнять
Клапан регулировочный						
Клапан регулировочный	8Н-4491	CAT D8	шт			Уточнять
Клапан регулировочный	104-07-00011	Komatsu	шт			Уточнять
Клапан регулировочный	1U-2948	CAT	шт			Уточнять
Колодки дисковых ВНЛЕ-4 новых	TT 1221	CAT 89	шт			Уточнять
Клапан регулировочный	TT 2291	CAT 89	шт			Уточнять
Клапан регулировочный	1183378	Товар	шт			Уточнять
Клапан регулировочный	1245826	CAT	шт			Уточнять
Клапан регулировочный	19F 50 50 001	Komatsu D375A-5	шт			Уточнять
Клапан регулировочный	4D 84 9521	CAT 320	шт			Уточнять
Клапан регулировочный на подшипниках	3Т-1002	CAT 773	шт			Уточнять
Клапан регулировочный	3E-3382	CAT	шт			Уточнять
Клапан регулировочный	175-30-00490	Komatsu D155A	шт			Уточнять
Клапан регулировочный	6D 18 40 013	Komatsu	шт			Уточнять
Клапан регулировочный	1247891	CAT	шт			Уточнять
Клапан регулировочный	175-30-12320	Komatsu D155A-2	шт			Уточнять
Клапан регулировочный	20Y 70 00 011	Komatsu PC200-6	шт			Уточнять
Клапан регулировочный	4D 77 03 001	Komatsu	шт	вес 35 кг		Уточнять
Клапан регулировочный	7Н 5582	CAT 120-121	шт			Уточнять
Клапан регулировочный	20Т-60 81010	Komatsu	шт			Уточнять
Клапан регулировочный	17 82 1800	Товар	шт			Уточнять
Клапан регулировочный	1779769	CAT 773	шт	вес 45 кг		Уточнять
Клапан регулировочный	20Y 70 00 070	Komatsu PC200	шт			Уточнять
Клапан регулировочный	21T-60-08150	Komatsu	шт			Уточнять
Клапан регулировочный	20Y 35 12730	Komatsu PC300	шт	вес 28 кг		Уточнять
Клапан регулировочный	3T-5410	CAT	шт			Уточнять
Клапан регулировочный	195 63 00810	Komatsu D355A	шт			Уточнять
Клапан регулировочный	20Y-60-11710	Komatsu PC200	шт	вес 38 кг		Уточнять
Клапан регулировочный	3D-55-03010	Товар	шт			Уточнять
Клапан регулировочный	4Т 5541	CAT 330	шт			Уточнять
Клапан регулировочный	723-41-08101	Komatsu PC400	шт			Уточнять
Клапан регулировочный	9T-0931	CAT	шт			Уточнять
Клапан регулировочный	702-21-07010	Komatsu	шт			Уточнять
Клапан регулировочный	20Y-70-00011	Komatsu PC200	шт			Уточнять
Клапан регулировочный	194 09 01 004	Komatsu D375A	шт			Уточнять
Клапан регулировочный	3G 0321	CAT	шт			Уточнять
Клапан регулировочный	20Y 35 12141	Komatsu PC300	шт			Уточнять
Клапан регулировочный	6D 73 00 0130	Komatsu	шт			Уточнять
Клапан регулировочный	175-30-12210	Komatsu D155A	шт			Уточнять
Клапан регулировочный	ХВЛ	Товар	шт			Уточнять
Клапан регулировочный	4Т-6541	KOMATSU PC200 KOMATSU PC	шт			Уточнять
Клапан регулировочный						
Клапан регулировочный	8Н-4491	CAT D8	шт			Уточнять
Клапан регулировочный	104-07-00011	Komatsu	шт			Уточнять
Клапан регулировочный	1U-2948	CAT	шт			Уточнять
Колодки дисковых ВНЛЕ-4 новых	TT 1221	CAT 89	шт			Уточнять
Клапан регулировочный	TT 2291	CAT 89	шт			Уточнять
Клапан регулировочный	1183378	Товар	шт			Уточнять
Клапан регулировочный	1245826	CAT	шт			Уточнять
Клапан регулировочный	19F 50 50 001	Komatsu D375A-5	шт			Уточнять
Клапан регулировочный	4D 84 9521	CAT 320	шт			Уточнять
Клапан регулировочный на подшипниках	3Т-1002	CAT 773	шт			Уточнять
Клапан регулировочный	3E-3382	CAT	шт			Уточнять
Клапан регулировочный	175-30-00490	Komatsu D155A	шт			Уточнять
Клапан регулировочный	6D 18 40 013	Komatsu	шт			Уточнять
Клапан регулировочный	1247891	CAT	шт			Уточнять
Клапан регулировочный	175-30-12320	Komatsu D155A-2	шт			Уточнять
Клапан регулировочный	20Y 70 00 011	Komatsu PC200-6	шт			Уточнять
Клапан регулировочный	4D 77 03 001	Komatsu	шт	вес 35 кг		Уточнять
Клапан регулировочный	7Н 5582	CAT 120-121	шт			Уточнять
Клапан регулировочный	20Т-60 81010	Komatsu	шт			Уточнять
Клапан регулировочный	17 82 1800	Товар	шт			Уточнять
Клапан регулировочный	1779769	CAT 773	шт	вес 45 кг		Уточнять
Клапан регулировочный	20Y 70 00 070	Komatsu PC200	шт			Уточнять
Клапан регулировочный	21T-60-08150	Komatsu	шт			Уточнять
Клапан регулировочный	20Y 35 12730	Komatsu PC300	шт	вес 28 кг		Уточнять
Клапан регулировочный	3T-5410	CAT	шт			Уточнять
Клапан регулировочный	195 63 00810	Komatsu D355A	шт			Уточнять
Клапан регулировочный	20Y-60-11710	Komatsu PC200	шт	вес 38 кг		Уточнять
Клапан регулировочный	3D-55-03010	Товар	шт			Уточнять
Клапан регулировочный	4Т 5541	CAT 330	шт			Уточнять
Клапан регулировочный	723-41-08101	Komatsu PC400	шт			Уточнять
Клапан регулировочный	9T-0931	CAT	шт			Уточнять
Клапан регулировочный	702-21-07010	Komatsu	шт			Уточнять
Клапан регулировочный	20Y-70-00011	Komatsu PC200	шт			Уточнять
Клапан регулировочный	194 09 01 004	Komatsu D375A	шт			Уточнять
Клапан регулировочный	3G 0321	CAT	шт			Уточнять
Клапан регулировочный	20Y 35 12141	Komatsu PC300	шт			Уточнять
Клапан регулировочный	6D 73 00 0130	Komatsu	шт			Уточнять
Клапан регулировочный	175-30-12210	Komatsu D155A	шт			Уточнять
Клапан регулировочный	ХВЛ	Товар	шт			Уточнять
Клапан регулировочный	4Т-6541	KOMATSU PC200 KOMATSU PC	шт			Уточнять
Клапан регулировочный						
Клапан регулировочный	8Н-4491	CAT D8	шт			Уточнять
Клапан регулировочный	104-07-00011	Komatsu	шт			Уточнять
Клапан регулировочный	1U-2948	CAT	шт			Уточнять
Колодки дисковых ВНЛЕ-4 новых	TT 1221	CAT 89	шт			Уточнять
Клапан регулировочный	TT 2291	CAT 89	шт			Уточнять
Клапан регулировочный	1183378	Товар	шт			Уточнять
Клапан регулировочный	1245826	CAT	шт			Уточнять
Клапан регулировочный	19F 50 50 001	Komatsu D375A-5	шт			Уточнять
Клапан регулировочный	4D 84 9521	CAT 320	шт			Уточнять
Клапан регулировочный на подшипниках	3Т-1002	CAT 773	шт			Уточнять
Клапан регулировочный	3E-3382	CAT	шт			Уточнять
